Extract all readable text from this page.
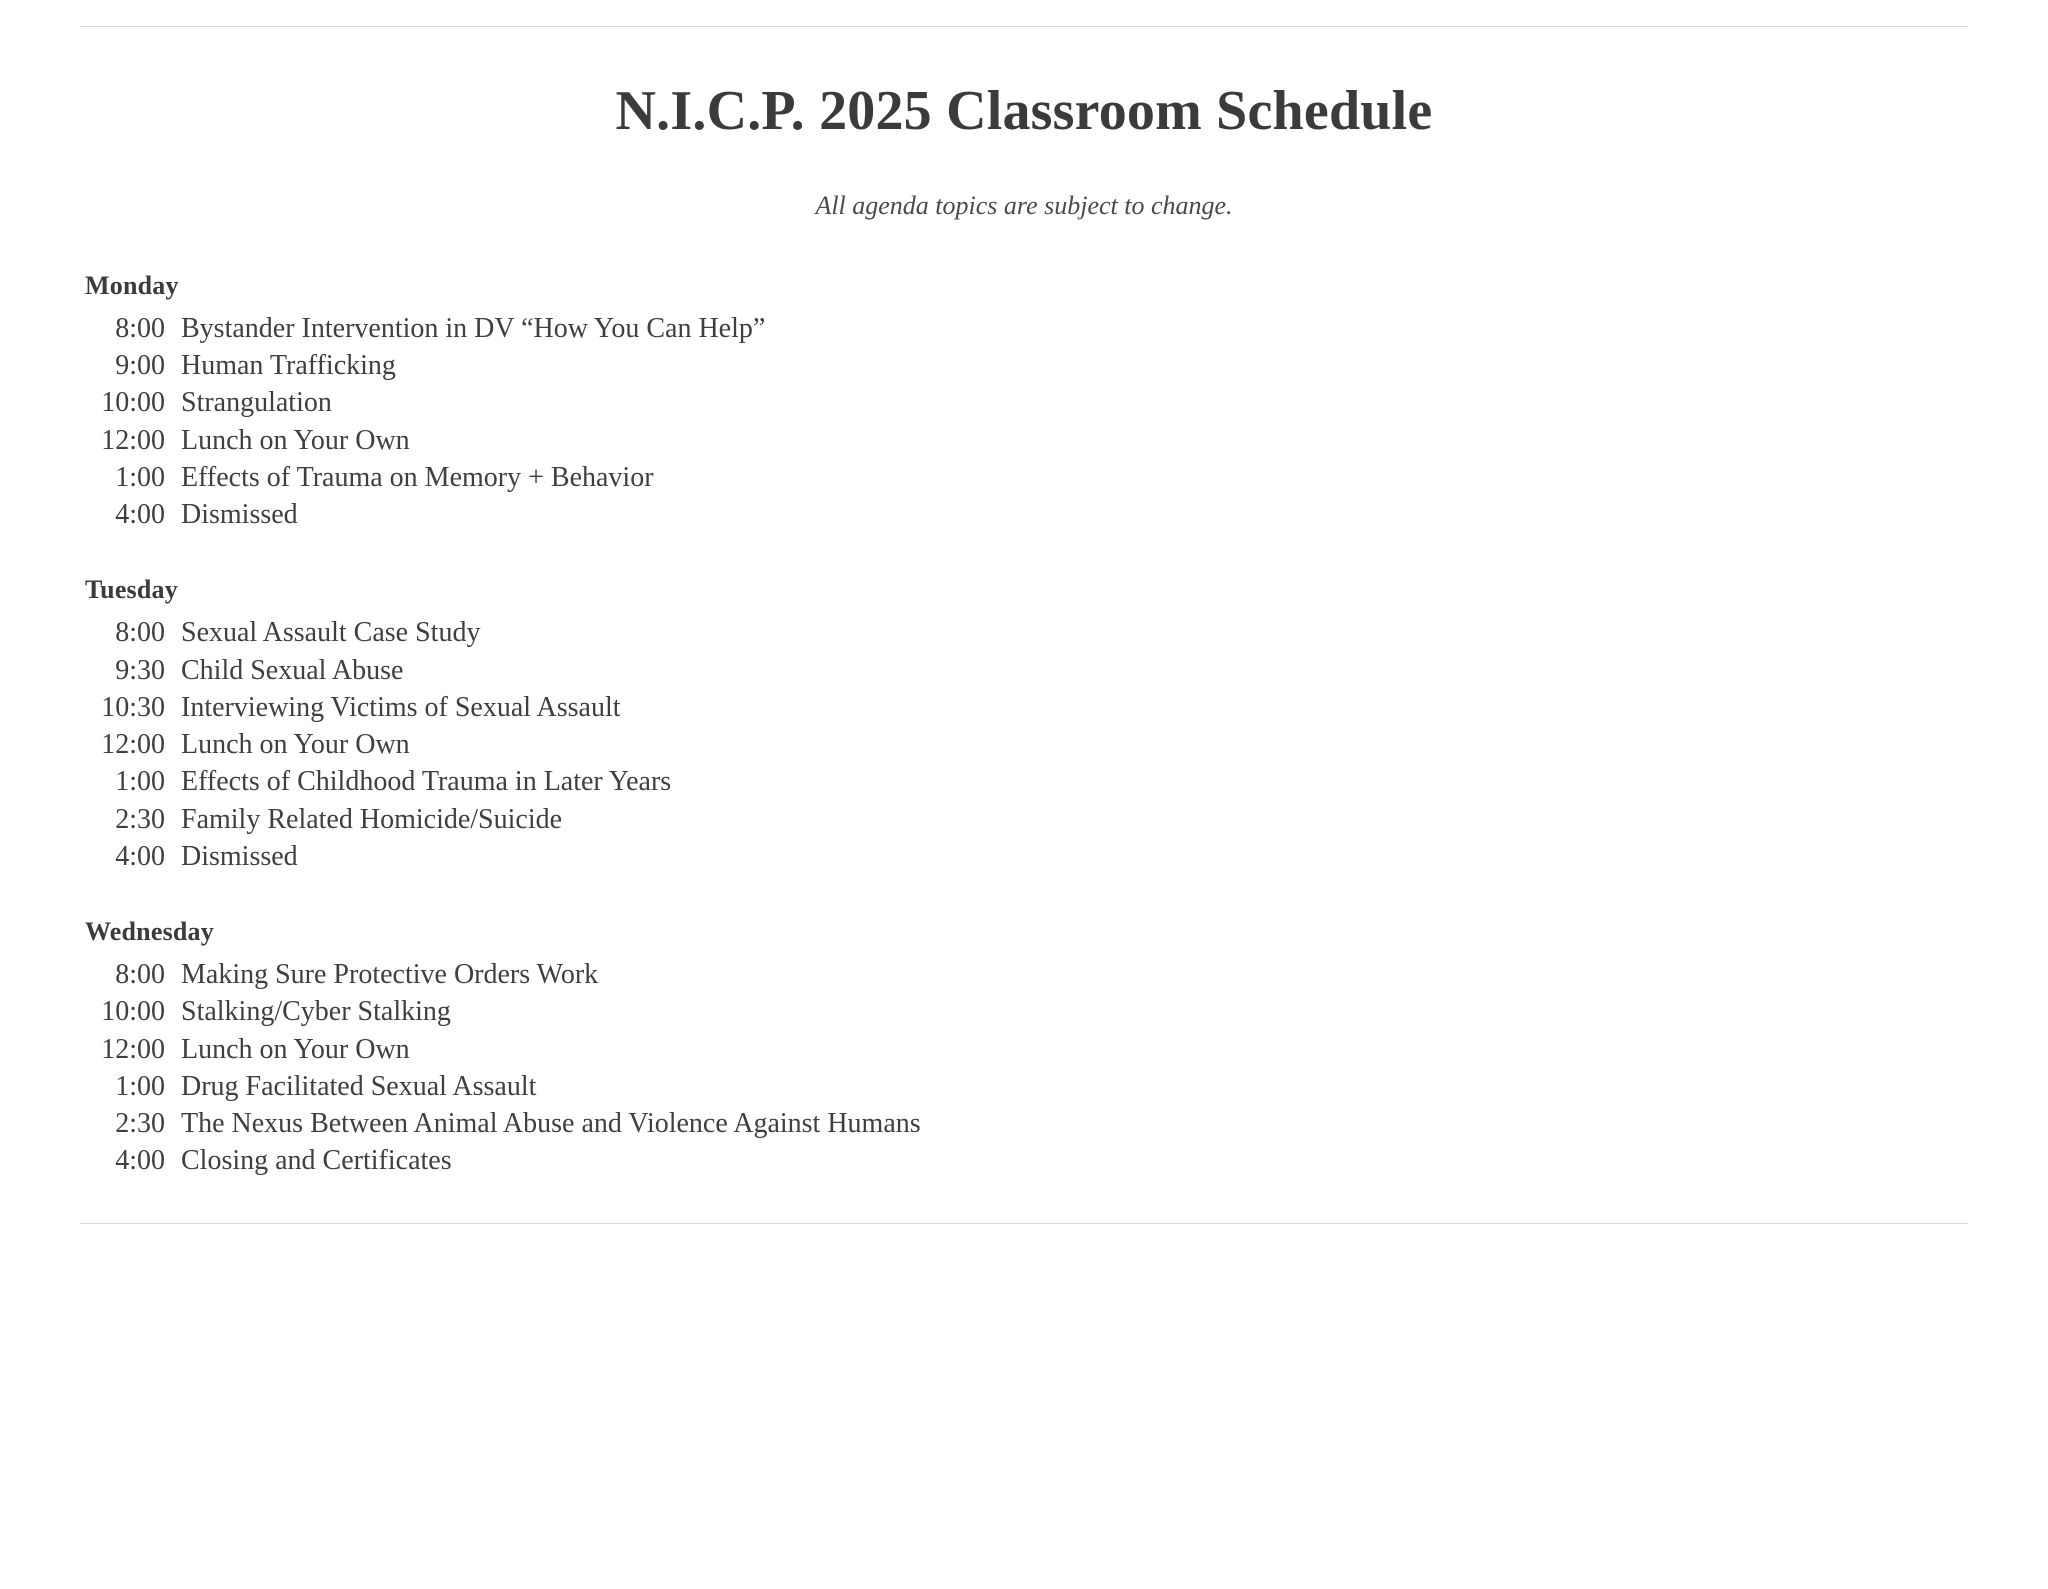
N.I.C.P. 2025 Classroom Schedule

All agenda topics are subject to change.

Monday
8:00 Bystander Intervention in DV “How You Can Help”
9:00 Human Trafficking
10:00 Strangulation
12:00 Lunch on Your Own
1:00 Effects of Trauma on Memory + Behavior
4:00 Dismissed
Tuesday
8:00 Sexual Assault Case Study
9:30 Child Sexual Abuse
10:30 Interviewing Victims of Sexual Assault
12:00 Lunch on Your Own
1:00 Effects of Childhood Trauma in Later Years
2:30 Family Related Homicide/Suicide
4:00 Dismissed
Wednesday
8:00 Making Sure Protective Orders Work
10:00 Stalking/Cyber Stalking
12:00 Lunch on Your Own
1:00 Drug Facilitated Sexual Assault
2:30 The Nexus Between Animal Abuse and Violence Against Humans
4:00 Closing and Certificates
